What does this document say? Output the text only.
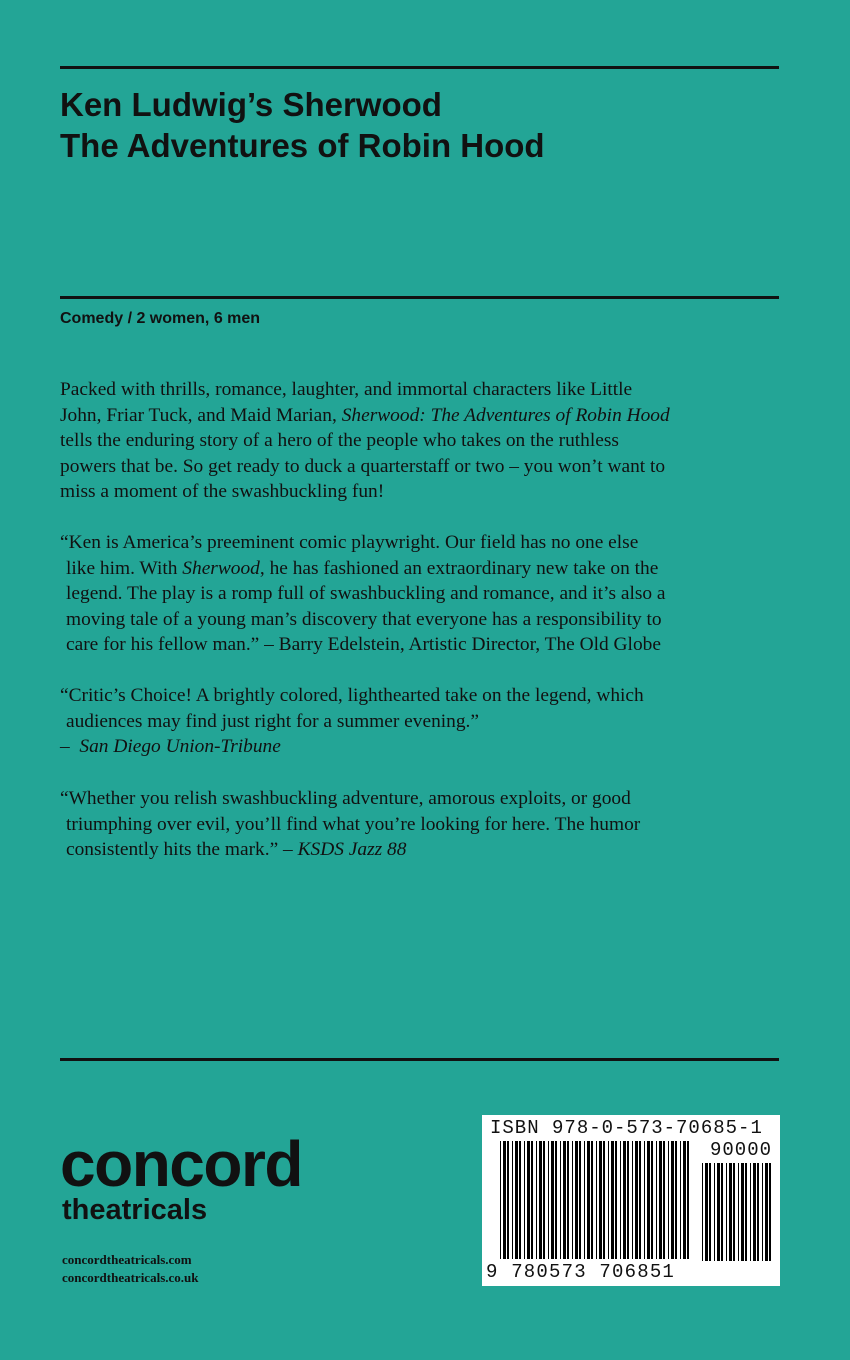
Ken Ludwig’s Sherwood
The Adventures of Robin Hood

Comedy / 2 women, 6 men

Packed with thrills, romance, laughter, and immortal characters like Little
John, Friar Tuck, and Maid Marian, Sherwood: The Adventures of Robin Hood
tells the enduring story of a hero of the people who takes on the ruthless
powers that be. So get ready to duck a quarterstaff or two – you won’t want to
miss a moment of the swashbuckling fun!

“Ken is America’s preeminent comic playwright. Our field has no one else
like him. With Sherwood, he has fashioned an extraordinary new take on the
legend. The play is a romp full of swashbuckling and romance, and it’s also a
moving tale of a young man’s discovery that everyone has a responsibility to
care for his fellow man.” – Barry Edelstein, Artistic Director, The Old Globe

“Critic’s Choice! A brightly colored, lighthearted take on the legend, which
audiences may find just right for a summer evening.”
– San Diego Union-Tribune

“Whether you relish swashbuckling adventure, amorous exploits, or good
triumphing over evil, you’ll find what you’re looking for here. The humor
consistently hits the mark.” – KSDS Jazz 88

concord
theatricals

concordtheatricals.com

concordtheatricals.co.uk

ISBN 978-0-573-70685-1
90000
9 780573 706851
